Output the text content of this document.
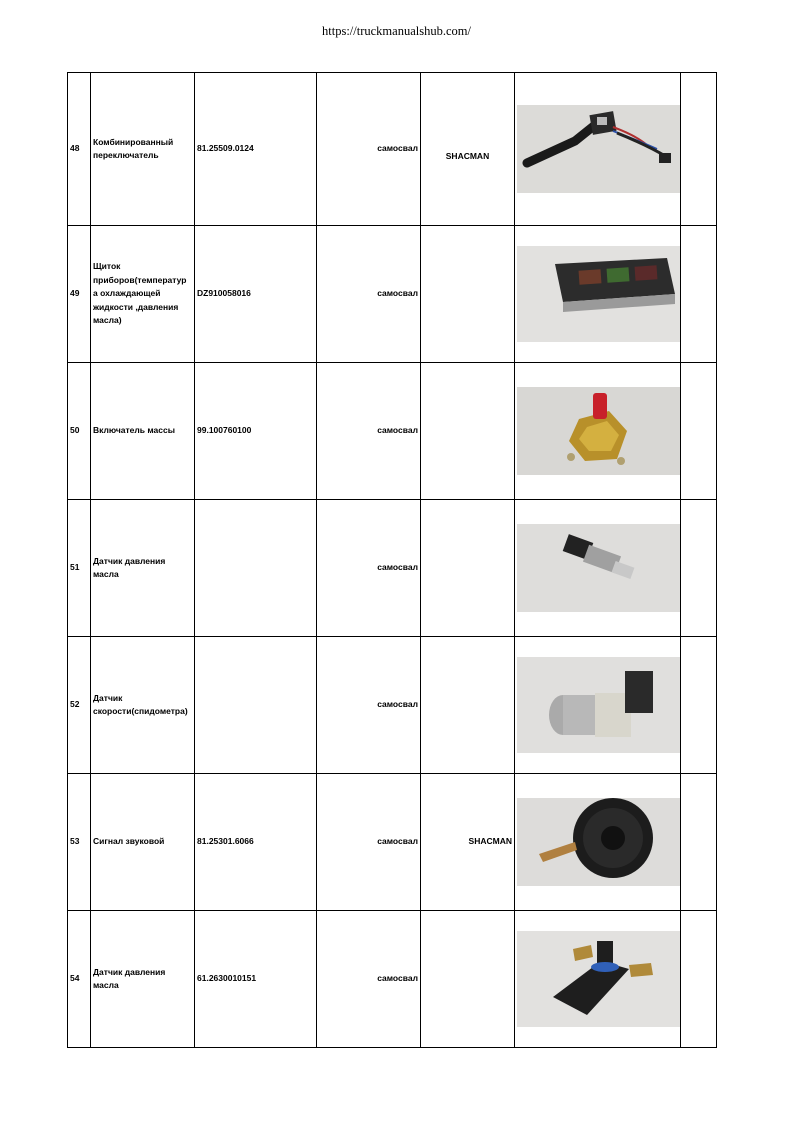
https://truckmanualshub.com/
48	Комбинированный переключатель	81.25509.0124	самосвал	SHACMAN	

49	Щиток приборов(температур а охлаждающей жидкости ,давления масла)	DZ910058016	самосвал		

50	Включатель массы	99.100760100	самосвал		

51	Датчик давления масла		самосвал		

52	Датчик скорости(спидометра)		самосвал		

53	Сигнал звуковой	81.25301.6066	самосвал	SHACMAN	

54	Датчик давления масла	61.2630010151	самосвал		
